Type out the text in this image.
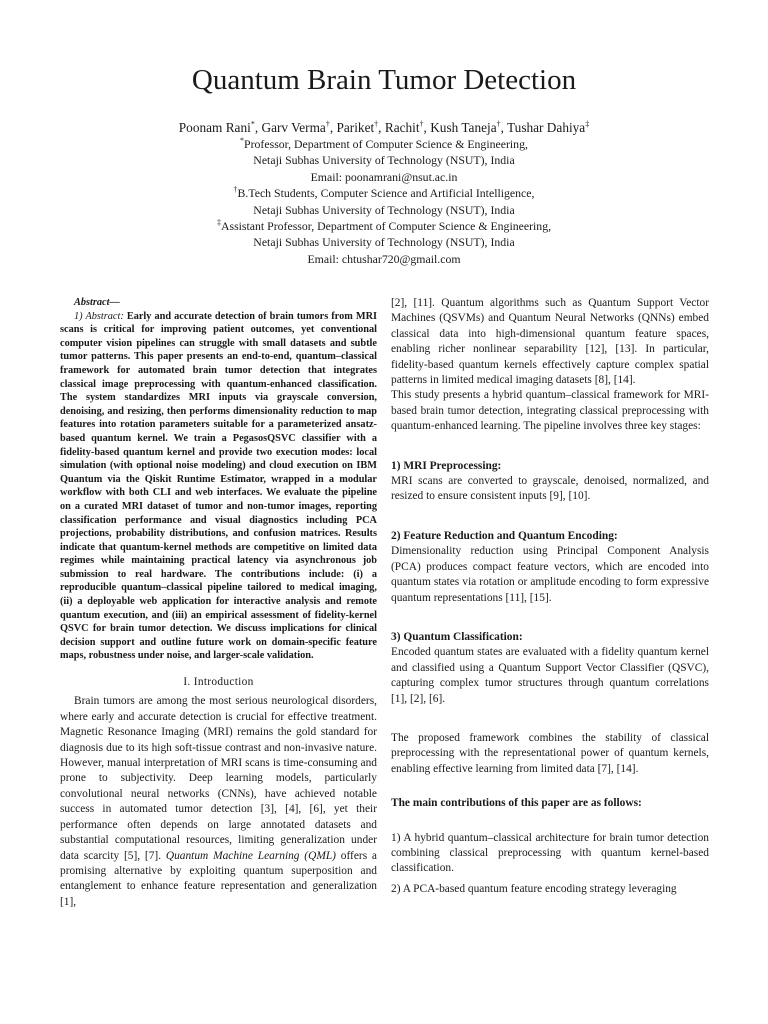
Quantum Brain Tumor Detection
Poonam Rani*, Garv Verma†, Pariket†, Rachit†, Kush Taneja†, Tushar Dahiya‡
*Professor, Department of Computer Science & Engineering,
Netaji Subhas University of Technology (NSUT), India
Email: poonamrani@nsut.ac.in
†B.Tech Students, Computer Science and Artificial Intelligence,
Netaji Subhas University of Technology (NSUT), India
‡Assistant Professor, Department of Computer Science & Engineering,
Netaji Subhas University of Technology (NSUT), India
Email: chtushar720@gmail.com
Abstract—
1) Abstract: Early and accurate detection of brain tumors from MRI scans is critical for improving patient outcomes, yet conventional computer vision pipelines can struggle with small datasets and subtle tumor patterns. This paper presents an end-to-end, quantum–classical framework for automated brain tumor detection that integrates classical image preprocessing with quantum-enhanced classification. The system standardizes MRI inputs via grayscale conversion, denoising, and resizing, then performs dimensionality reduction to map features into rotation parameters suitable for a parameterized ansatz-based quantum kernel. We train a PegasosQSVC classifier with a fidelity-based quantum kernel and provide two execution modes: local simulation (with optional noise modeling) and cloud execution on IBM Quantum via the Qiskit Runtime Estimator, wrapped in a modular workflow with both CLI and web interfaces. We evaluate the pipeline on a curated MRI dataset of tumor and non-tumor images, reporting classification performance and visual diagnostics including PCA projections, probability distributions, and confusion matrices. Results indicate that quantum-kernel methods are competitive on limited data regimes while maintaining practical latency via asynchronous job submission to real hardware. The contributions include: (i) a reproducible quantum–classical pipeline tailored to medical imaging, (ii) a deployable web application for interactive analysis and remote quantum execution, and (iii) an empirical assessment of fidelity-kernel QSVC for brain tumor detection. We discuss implications for clinical decision support and outline future work on domain-specific feature maps, robustness under noise, and larger-scale validation.
I. Introduction
Brain tumors are among the most serious neurological disorders, where early and accurate detection is crucial for effective treatment. Magnetic Resonance Imaging (MRI) remains the gold standard for diagnosis due to its high soft-tissue contrast and non-invasive nature. However, manual interpretation of MRI scans is time-consuming and prone to subjectivity. Deep learning models, particularly convolutional neural networks (CNNs), have achieved notable success in automated tumor detection [3], [4], [6], yet their performance often depends on large annotated datasets and substantial computational resources, limiting generalization under data scarcity [5], [7]. Quantum Machine Learning (QML) offers a promising alternative by exploiting quantum superposition and entanglement to enhance feature representation and generalization [1],
[2], [11]. Quantum algorithms such as Quantum Support Vector Machines (QSVMs) and Quantum Neural Networks (QNNs) embed classical data into high-dimensional quantum feature spaces, enabling richer nonlinear separability [12], [13]. In particular, fidelity-based quantum kernels effectively capture complex spatial patterns in limited medical imaging datasets [8], [14].
This study presents a hybrid quantum–classical framework for MRI-based brain tumor detection, integrating classical preprocessing with quantum-enhanced learning. The pipeline involves three key stages:
1) MRI Preprocessing:
MRI scans are converted to grayscale, denoised, normalized, and resized to ensure consistent inputs [9], [10].
2) Feature Reduction and Quantum Encoding:
Dimensionality reduction using Principal Component Analysis (PCA) produces compact feature vectors, which are encoded into quantum states via rotation or amplitude encoding to form expressive quantum representations [11], [15].
3) Quantum Classification:
Encoded quantum states are evaluated with a fidelity quantum kernel and classified using a Quantum Support Vector Classifier (QSVC), capturing complex tumor structures through quantum correlations [1], [2], [6].
The proposed framework combines the stability of classical preprocessing with the representational power of quantum kernels, enabling effective learning from limited data [7], [14].
The main contributions of this paper are as follows:
1) A hybrid quantum–classical architecture for brain tumor detection combining classical preprocessing with quantum kernel-based classification.
2) A PCA-based quantum feature encoding strategy leveraging
